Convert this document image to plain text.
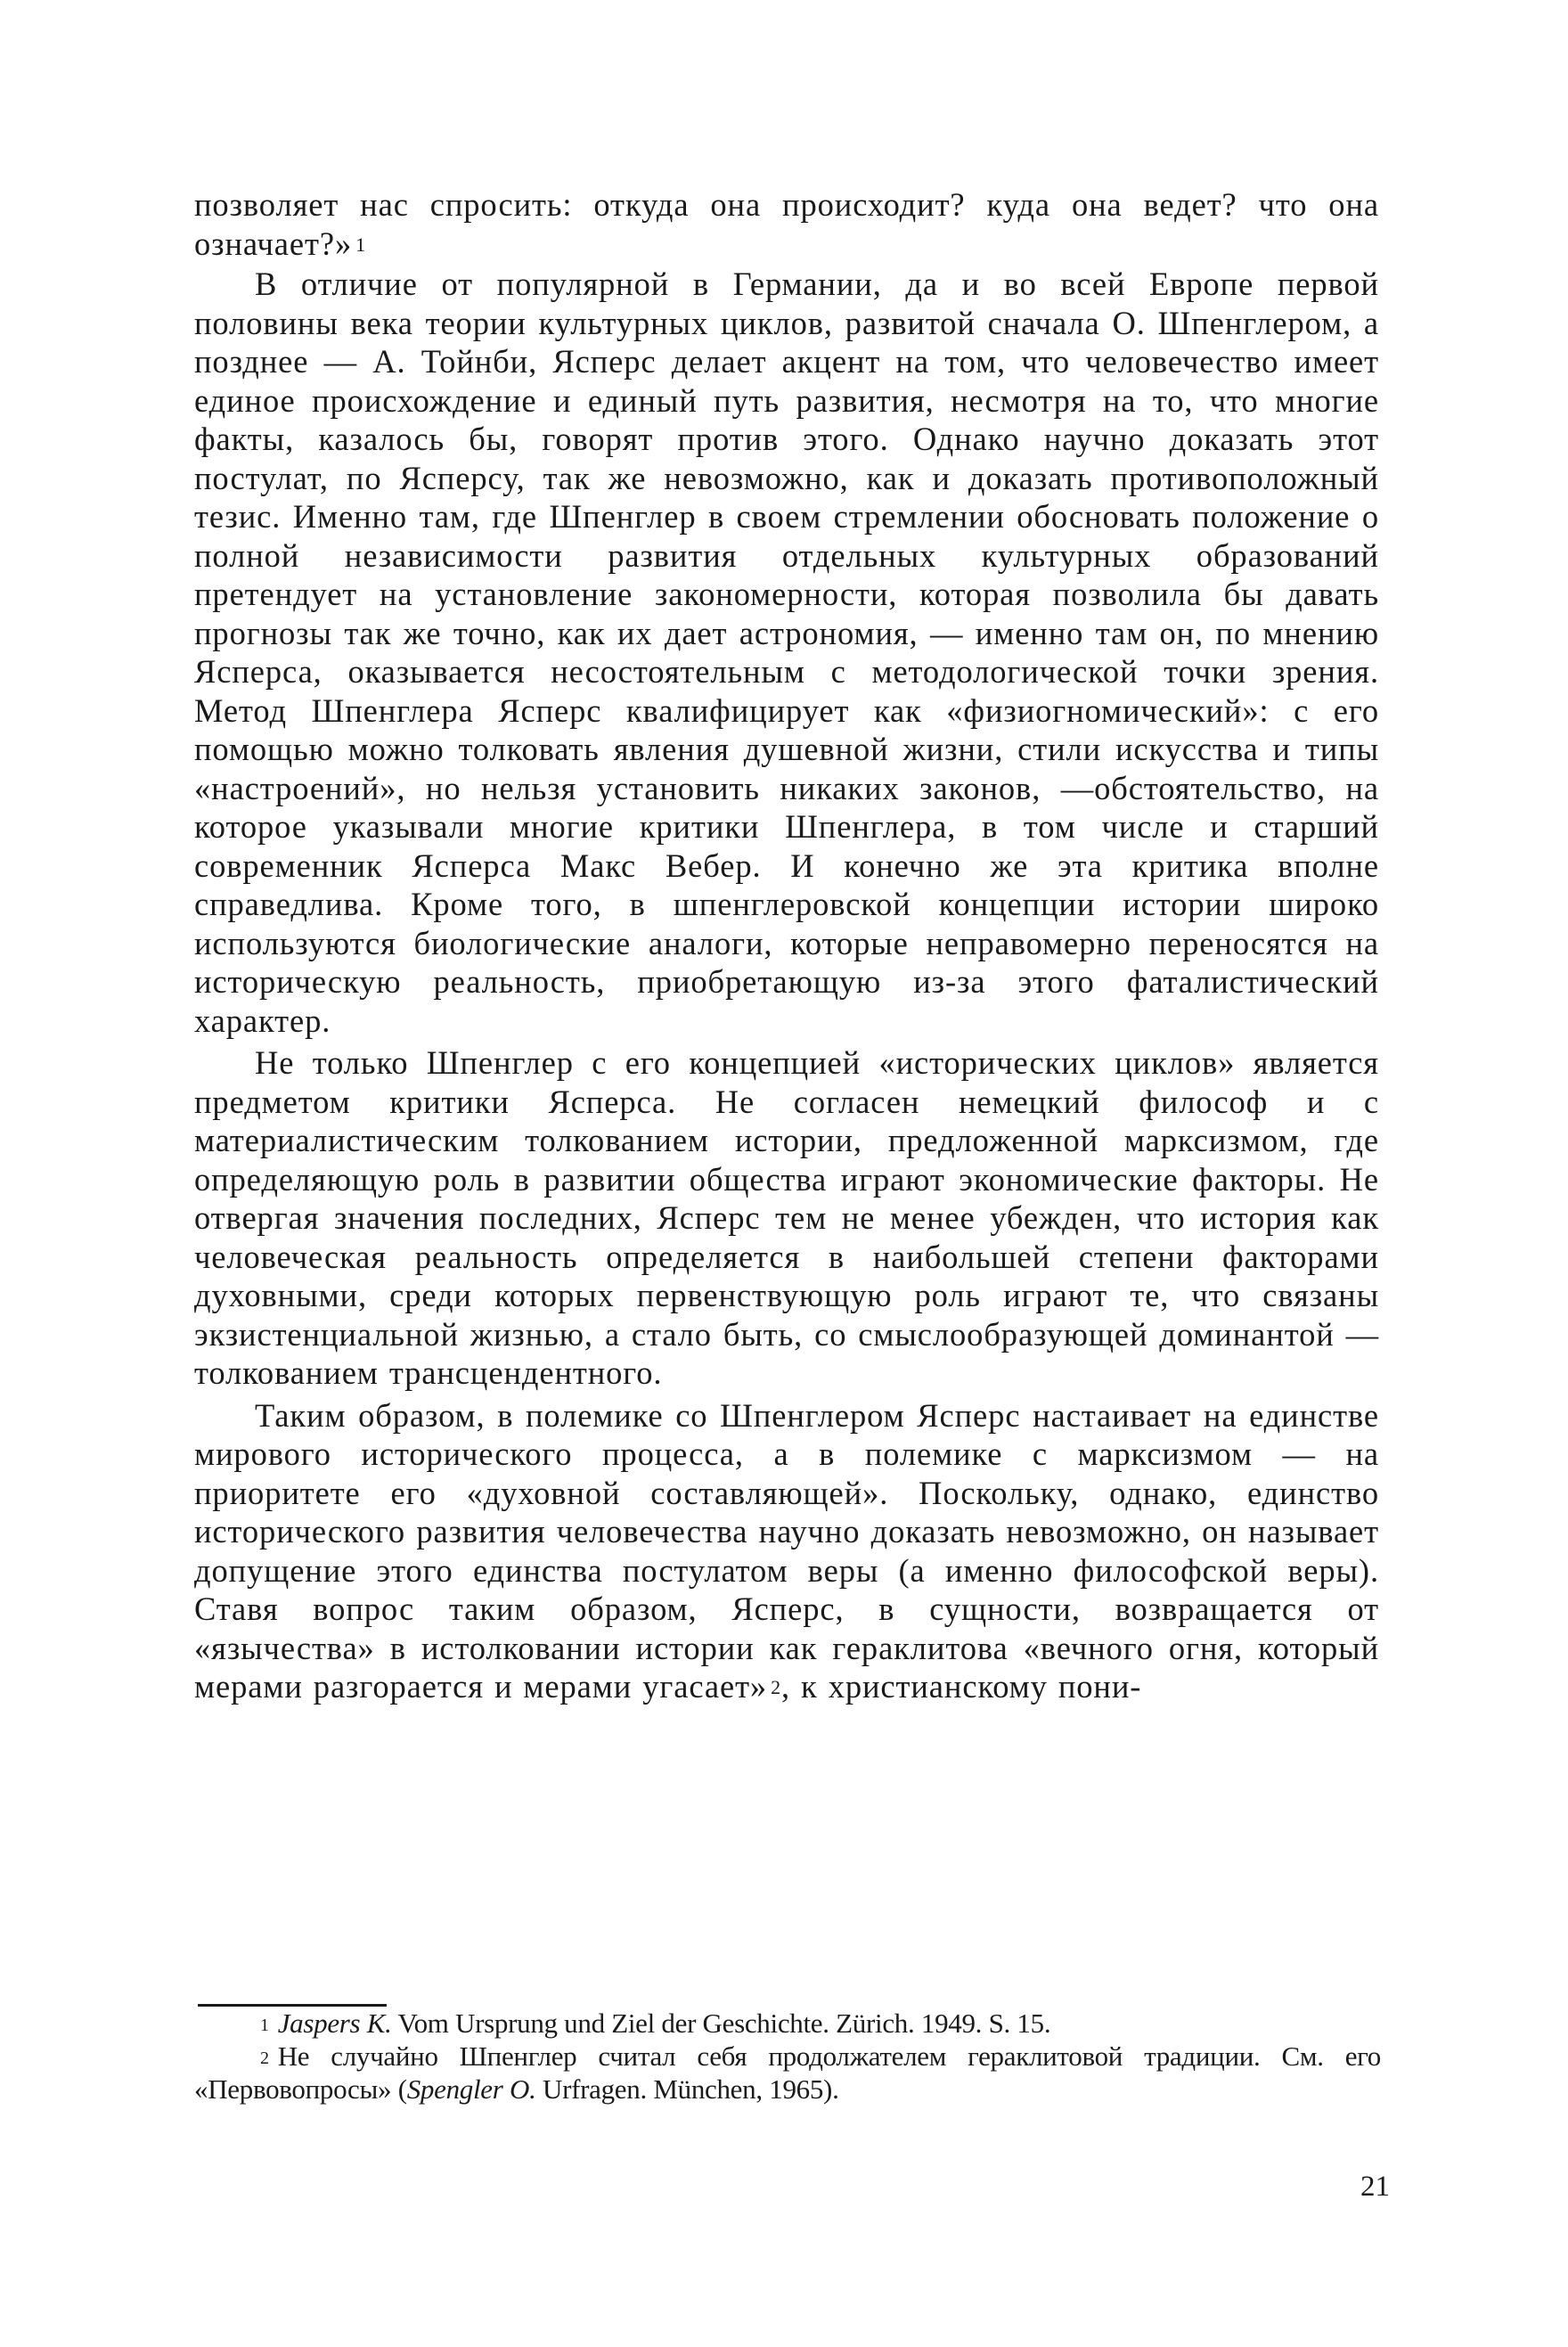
позволяет нас спросить: откуда она происходит? куда она ведет? что она означает?» $^1$

В отличие от популярной в Германии, да и во всей Европе первой половины века теории культурных циклов, развитой сначала О. Шпенглером, а позднее — А. Тойнби, Ясперс делает акцент на том, что человечество имеет единое происхождение и единый путь развития, несмотря на то, что многие факты, казалось бы, говорят против этого. Однако научно доказать этот постулат, по Ясперсу, так же невозможно, как и доказать противоположный тезис. Именно там, где Шпенглер в своем стремлении обосновать положение о полной независимости развития отдельных культурных образований претендует на установление закономерности, которая позволила бы давать прогнозы так же точно, как их дает астрономия, — именно там он, по мнению Ясперса, оказывается несостоятельным с методологической точки зрения. Метод Шпенглера Ясперс квалифицирует как «физиогномический»: с его помощью можно толковать явления душевной жизни, стили искусства и типы «настроений», но нельзя установить никаких законов, —обстоятельство, на которое указывали многие критики Шпенглера, в том числе и старший современник Ясперса Макс Вебер. И конечно же эта критика вполне справедлива. Кроме того, в шпенглеровской концепции истории широко используются биологические аналоги, которые неправомерно переносятся на историческую реальность, приобретающую из-за этого фаталистический характер.

Не только Шпенглер с его концепцией «исторических циклов» является предметом критики Ясперса. Не согласен немецкий философ и с материалистическим толкованием истории, предложенной марксизмом, где определяющую роль в развитии общества играют экономические факторы. Не отвергая значения последних, Ясперс тем не менее убежден, что история как человеческая реальность определяется в наибольшей степени факторами духовными, среди которых первенствующую роль играют те, что связаны экзистенциальной жизнью, а стало быть, со смыслообразующей доминантой — толкованием трансцендентного.

Таким образом, в полемике со Шпенглером Ясперс настаивает на единстве мирового исторического процесса, а в полемике с марксизмом — на приоритете его «духовной составляющей». Поскольку, однако, единство исторического развития человечества научно доказать невозможно, он называет допущение этого единства постулатом веры (а именно философской веры). Ставя вопрос таким образом, Ясперс, в сущности, возвращается от «язычества» в истолковании истории как гераклитова «вечного огня, который мерами разгорается и мерами угасает» $^2$, к христианскому пони-

$^1$ Jaspers K. Vom Ursprung und Ziel der Geschichte. Zürich. 1949. S. 15.

$^2$ Не случайно Шпенглер считал себя продолжателем гераклитовой традиции. См. его «Первовопросы» (Spengler O. Urfragen. München, 1965).

21
